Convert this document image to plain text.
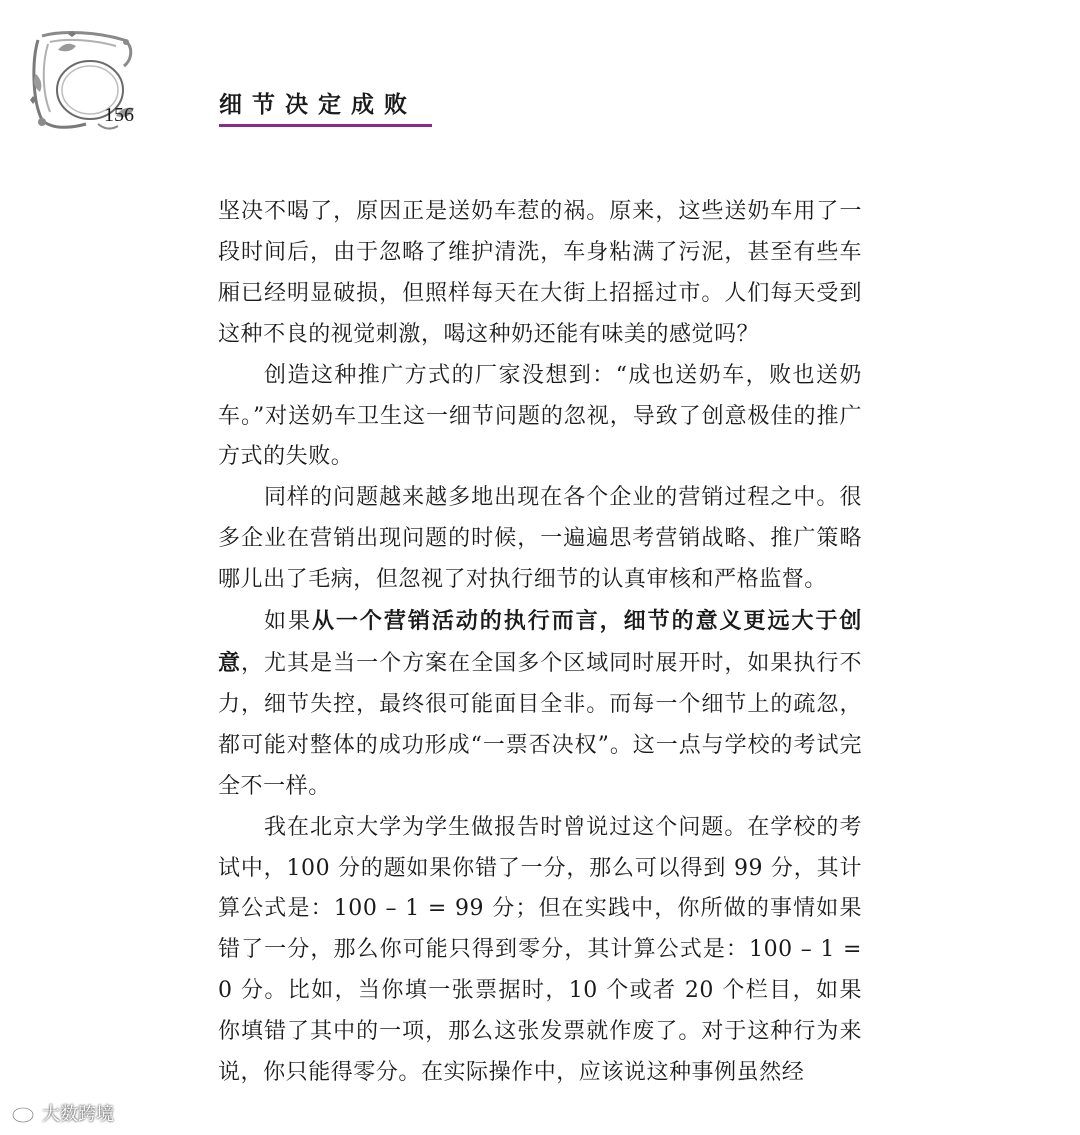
156	细节决定成败

坚决不喝了，原因正是送奶车惹的祸。原来，这些送奶车用了一段时间后，由于忽略了维护清洗，车身粘满了污泥，甚至有些车厢已经明显破损，但照样每天在大街上招摇过市。人们每天受到这种不良的视觉刺激，喝这种奶还能有味美的感觉吗？

创造这种推广方式的厂家没想到：“成也送奶车，败也送奶车。”对送奶车卫生这一细节问题的忽视，导致了创意极佳的推广方式的失败。

同样的问题越来越多地出现在各个企业的营销过程之中。很多企业在营销出现问题的时候，一遍遍思考营销战略、推广策略哪儿出了毛病，但忽视了对执行细节的认真审核和严格监督。

如果从一个营销活动的执行而言，细节的意义更远大于创意，尤其是当一个方案在全国多个区域同时展开时，如果执行不力，细节失控，最终很可能面目全非。而每一个细节上的疏忽，都可能对整体的成功形成“一票否决权”。这一点与学校的考试完全不一样。

我在北京大学为学生做报告时曾说过这个问题。在学校的考试中，100 分的题如果你错了一分，那么可以得到 99 分，其计算公式是：100 – 1 = 99 分；但在实践中，你所做的事情如果错了一分，那么你可能只得到零分，其计算公式是：100 – 1 = 0 分。比如，当你填一张票据时，10 个或者 20 个栏目，如果你填错了其中的一项，那么这张发票就作废了。对于这种行为来说，你只能得零分。在实际操作中，应该说这种事例虽然经

大数跨境
